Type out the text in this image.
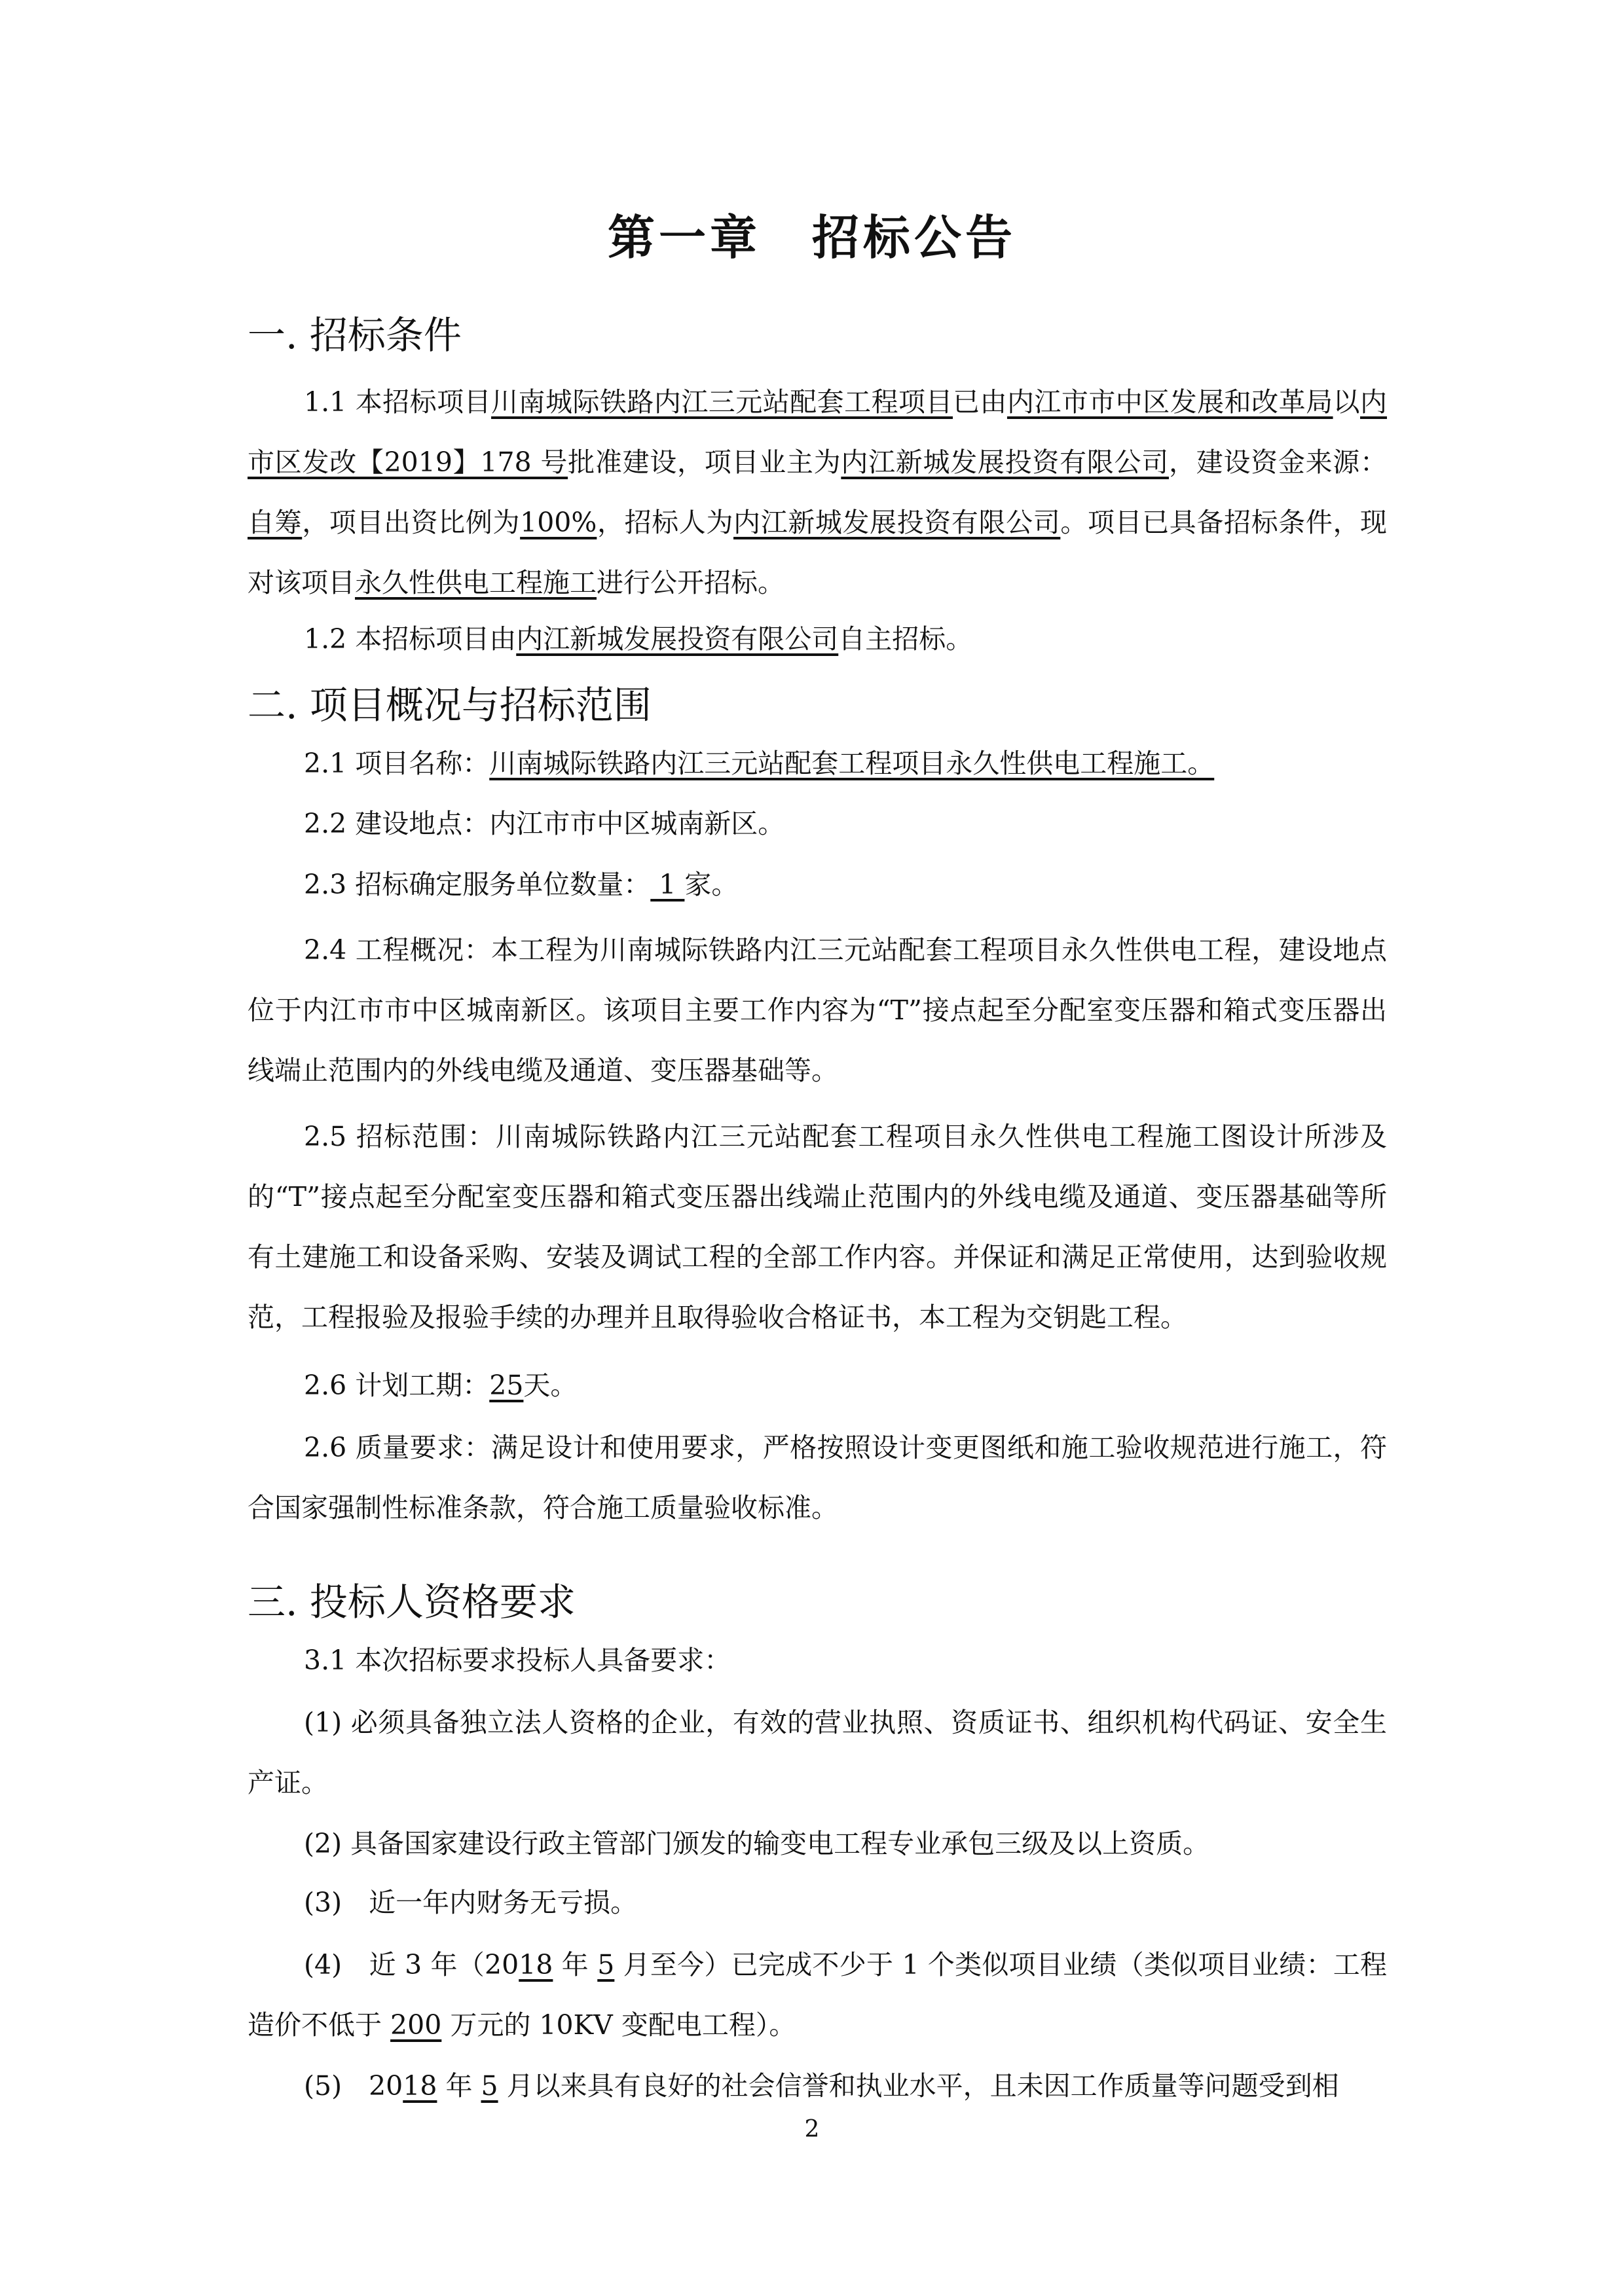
第一章　招标公告
一. 招标条件
1.1 本招标项目川南城际铁路内江三元站配套工程项目已由内江市市中区发展和改革局以内市区发改【2019】178 号批准建设，项目业主为内江新城发展投资有限公司，建设资金来源：自筹，项目出资比例为100%，招标人为内江新城发展投资有限公司。项目已具备招标条件，现对该项目永久性供电工程施工进行公开招标。
1.2 本招标项目由内江新城发展投资有限公司自主招标。
二. 项目概况与招标范围
2.1 项目名称：川南城际铁路内江三元站配套工程项目永久性供电工程施工。
2.2 建设地点：内江市市中区城南新区。
2.3 招标确定服务单位数量： 1 家。
2.4 工程概况：本工程为川南城际铁路内江三元站配套工程项目永久性供电工程，建设地点位于内江市市中区城南新区。该项目主要工作内容为“T”接点起至分配室变压器和箱式变压器出线端止范围内的外线电缆及通道、变压器基础等。
2.5 招标范围：川南城际铁路内江三元站配套工程项目永久性供电工程施工图设计所涉及的“T”接点起至分配室变压器和箱式变压器出线端止范围内的外线电缆及通道、变压器基础等所有土建施工和设备采购、安装及调试工程的全部工作内容。并保证和满足正常使用，达到验收规范，工程报验及报验手续的办理并且取得验收合格证书，本工程为交钥匙工程。
2.6 计划工期：25天。
2.6 质量要求：满足设计和使用要求，严格按照设计变更图纸和施工验收规范进行施工，符合国家强制性标准条款，符合施工质量验收标准。
三. 投标人资格要求
3.1 本次招标要求投标人具备要求：
(1) 必须具备独立法人资格的企业，有效的营业执照、资质证书、组织机构代码证、安全生产证。
(2) 具备国家建设行政主管部门颁发的输变电工程专业承包三级及以上资质。
(3)　近一年内财务无亏损。
(4)　近 3 年（2018 年 5 月至今）已完成不少于 1 个类似项目业绩（类似项目业绩：工程造价不低于 200 万元的 10KV 变配电工程）。
(5)　2018 年 5 月以来具有良好的社会信誉和执业水平，且未因工作质量等问题受到相
2
